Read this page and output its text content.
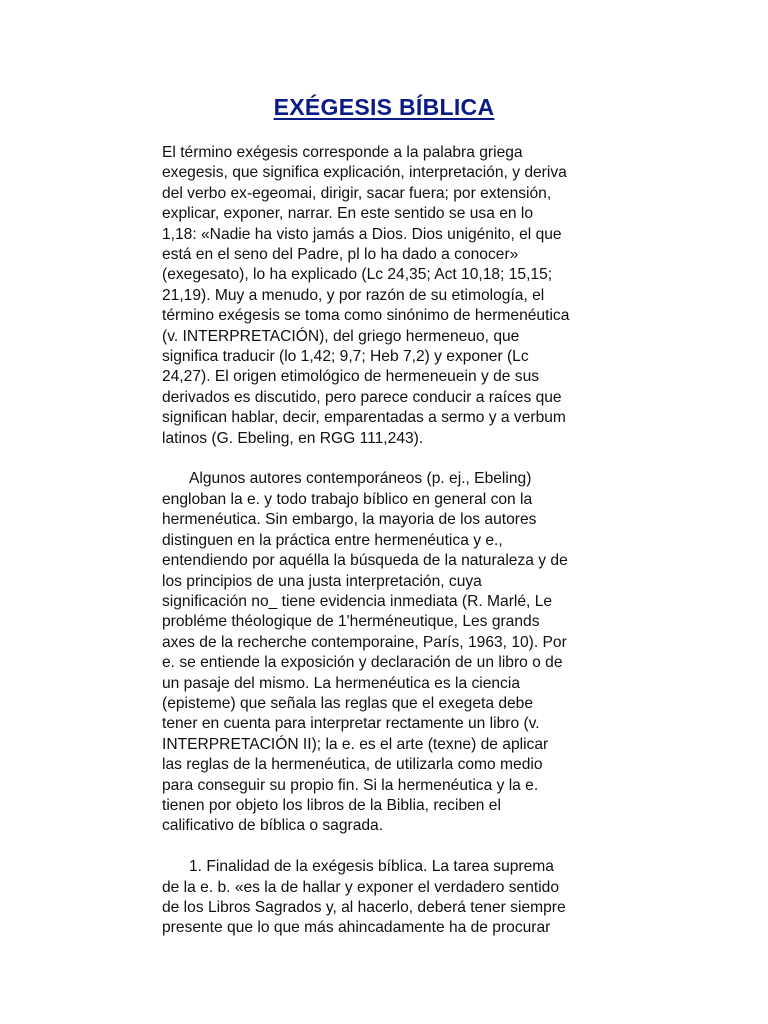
EXÉGESIS BÍBLICA

El término exégesis corresponde a la palabra griega
exegesis, que significa explicación, interpretación, y deriva
del verbo ex-egeomai, dirigir, sacar fuera; por extensión,
explicar, exponer, narrar. En este sentido se usa en lo
1,18: «Nadie ha visto jamás a Dios. Dios unigénito, el que
está en el seno del Padre, pl lo ha dado a conocer»
(exegesato), lo ha explicado (Lc 24,35; Act 10,18; 15,15;
21,19). Muy a menudo, y por razón de su etimología, el
término exégesis se toma como sinónimo de hermenéutica
(v. INTERPRETACIÓN), del griego hermeneuo, que
significa traducir (lo 1,42; 9,7; Heb 7,2) y exponer (Lc
24,27). El origen etimológico de hermeneuein y de sus
derivados es discutido, pero parece conducir a raíces que
significan hablar, decir, emparentadas a sermo y a verbum
latinos (G. Ebeling, en RGG 111,243).

Algunos autores contemporáneos (p. ej., Ebeling)
engloban la e. y todo trabajo bíblico en general con la
hermenéutica. Sin embargo, la mayoria de los autores
distinguen en la práctica entre hermenéutica y e.,
entendiendo por aquélla la búsqueda de la naturaleza y de
los principios de una justa interpretación, cuya
significación no_ tiene evidencia inmediata (R. Marlé, Le
probléme théologique de 1'herméneutique, Les grands
axes de la recherche contemporaine, París, 1963, 10). Por
e. se entiende la exposición y declaración de un libro o de
un pasaje del mismo. La hermenéutica es la ciencia
(episteme) que señala las reglas que el exegeta debe
tener en cuenta para interpretar rectamente un libro (v.
INTERPRETACIÓN II); la e. es el arte (texne) de aplicar
las reglas de la hermenéutica, de utilizarla como medio
para conseguir su propio fin. Si la hermenéutica y la e.
tienen por objeto los libros de la Biblia, reciben el
calificativo de bíblica o sagrada.

1. Finalidad de la exégesis bíblica. La tarea suprema
de la e. b. «es la de hallar y exponer el verdadero sentido
de los Libros Sagrados y, al hacerlo, deberá tener siempre
presente que lo que más ahincadamente ha de procurar
